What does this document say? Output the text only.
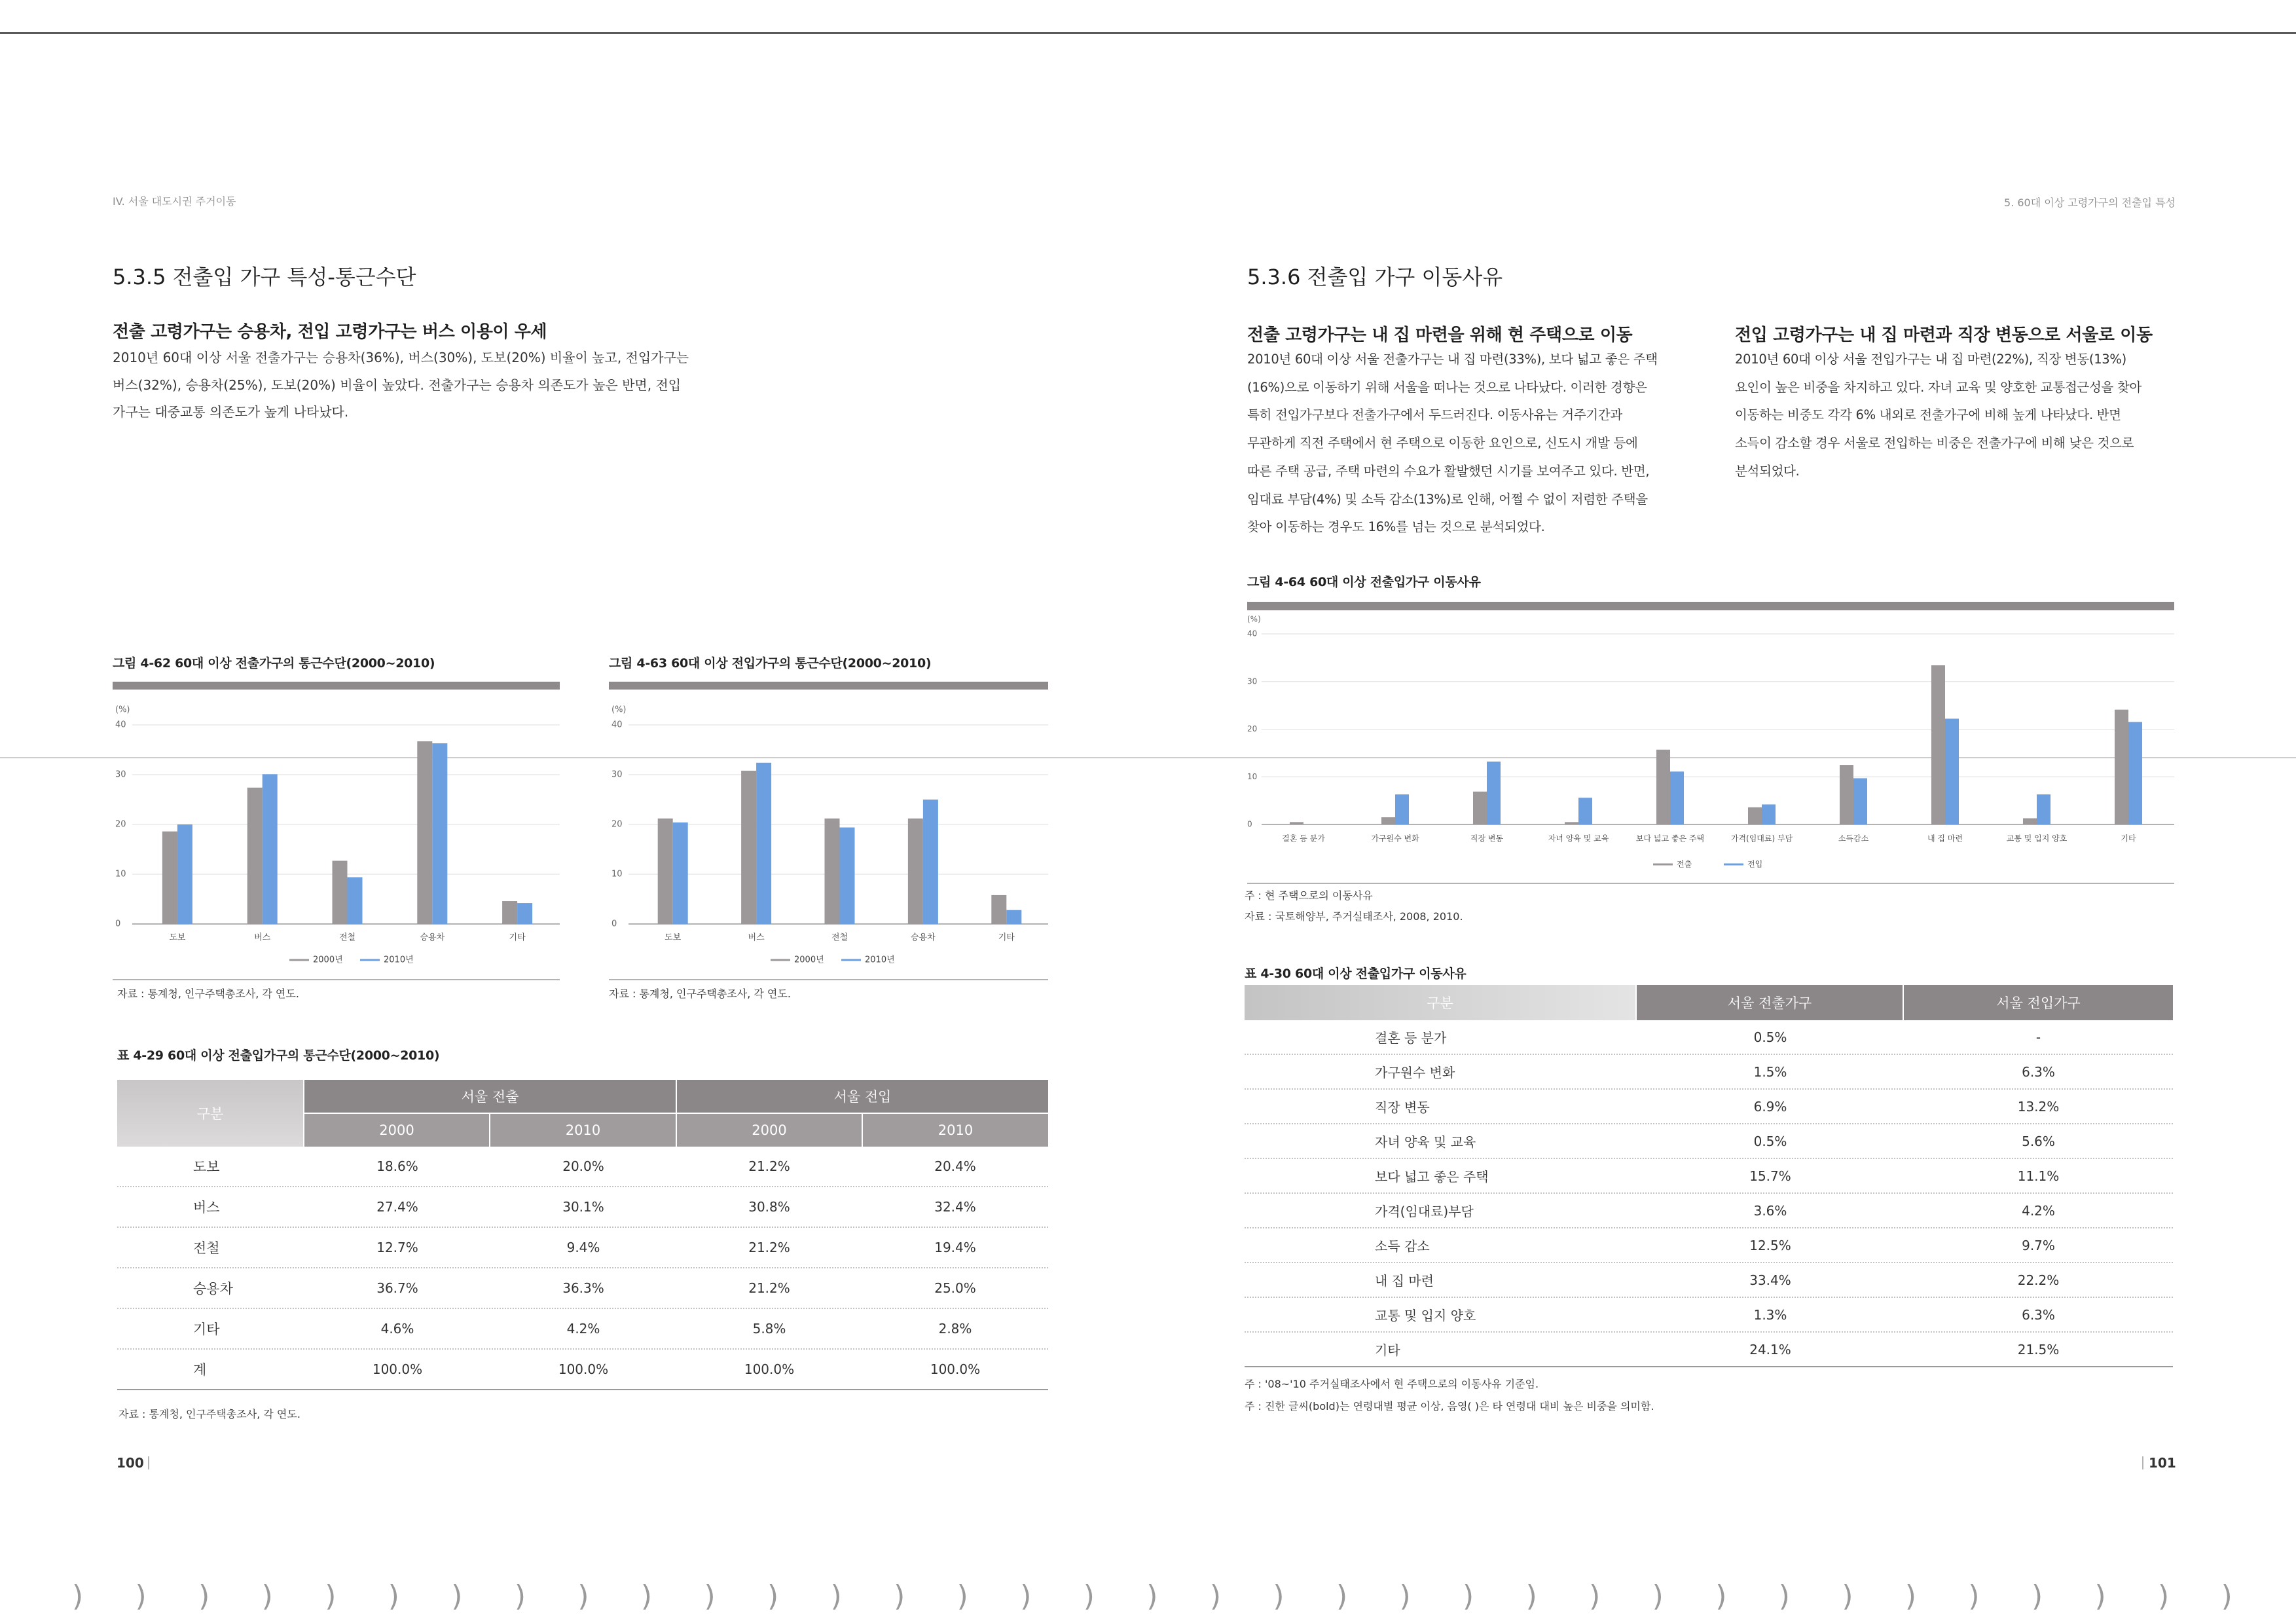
IV. 서울 대도시권 주거이동	5. 60대 이상 고령가구의 전출입 특성
5.3.5 전출입 가구 특성-통근수단
전출 고령가구는 승용차, 전입 고령가구는 버스 이용이 우세
2010년 60대 이상 서울 전출가구는 승용차(36%), 버스(30%), 도보(20%) 비율이 높고, 전입가구는
버스(32%), 승용차(25%), 도보(20%) 비율이 높았다. 전출가구는 승용차 의존도가 높은 반면, 전입
가구는 대중교통 의존도가 높게 나타났다.
그림 4-62 60대 이상 전출가구의 통근수단(2000~2010)
(%)
0
10
20
30
40
도보	버스	전철	승용차	기타
2000년	2010년
자료 : 통계청, 인구주택총조사, 각 연도.
그림 4-63 60대 이상 전입가구의 통근수단(2000~2010)
(%)
0
10
20
30
40
도보	버스	전철	승용차	기타
2000년	2010년
자료 : 통계청, 인구주택총조사, 각 연도.
표 4-29 60대 이상 전출입가구의 통근수단(2000~2010)
구분
서울 전출	서울 전입
2000	2010	2000	2010
도보	18.6%	20.0%	21.2%	20.4%
버스	27.4%	30.1%	30.8%	32.4%
전철	12.7%	9.4%	21.2%	19.4%
승용차	36.7%	36.3%	21.2%	25.0%
기타	4.6%	4.2%	5.8%	2.8%
계	100.0%	100.0%	100.0%	100.0%
자료 : 통계청, 인구주택총조사, 각 연도.
100
5.3.6 전출입 가구 이동사유
전출 고령가구는 내 집 마련을 위해 현 주택으로 이동
2010년 60대 이상 서울 전출가구는 내 집 마련(33%), 보다 넓고 좋은 주택
(16%)으로 이동하기 위해 서울을 떠나는 것으로 나타났다. 이러한 경향은
특히 전입가구보다 전출가구에서 두드러진다. 이동사유는 거주기간과
무관하게 직전 주택에서 현 주택으로 이동한 요인으로, 신도시 개발 등에
따른 주택 공급, 주택 마련의 수요가 활발했던 시기를 보여주고 있다. 반면,
임대료 부담(4%) 및 소득 감소(13%)로 인해, 어쩔 수 없이 저렴한 주택을
찾아 이동하는 경우도 16%를 넘는 것으로 분석되었다.
전입 고령가구는 내 집 마련과 직장 변동으로 서울로 이동
2010년 60대 이상 서울 전입가구는 내 집 마련(22%), 직장 변동(13%)
요인이 높은 비중을 차지하고 있다. 자녀 교육 및 양호한 교통접근성을 찾아
이동하는 비중도 각각 6% 내외로 전출가구에 비해 높게 나타났다. 반면
소득이 감소할 경우 서울로 전입하는 비중은 전출가구에 비해 낮은 것으로
분석되었다.
그림 4-64 60대 이상 전출입가구 이동사유
(%)
0
10
20
30
40
결혼 등 분가	가구원수 변화	직장 변동	자녀 양육 및 교육	보다 넓고 좋은 주택	가격(임대료) 부담	소득감소	내 집 마련	교통 및 입지 양호	기타
전출	전입
주 : 현 주택으로의 이동사유
자료 : 국토해양부, 주거실태조사, 2008, 2010.
표 4-30 60대 이상 전출입가구 이동사유
구분	서울 전출가구	서울 전입가구
결혼 등 분가	0.5%	-
가구원수 변화	1.5%	6.3%
직장 변동	6.9%	13.2%
자녀 양육 및 교육	0.5%	5.6%
보다 넓고 좋은 주택	15.7%	11.1%
가격(임대료)부담	3.6%	4.2%
소득 감소	12.5%	9.7%
내 집 마련	33.4%	22.2%
교통 및 입지 양호	1.3%	6.3%
기타	24.1%	21.5%
주 : '08~'10 주거실태조사에서 현 주택으로의 이동사유 기준임.
주 : 진한 글씨(bold)는 연령대별 평균 이상, 음영( )은 타 연령대 대비 높은 비중을 의미함.
101
) ) ) ) ) ) ) ) ) ) ) ) ) ) ) ) ) ) ) ) ) ) ) ) ) ) ) ) ) ) ) ) ) ) )
